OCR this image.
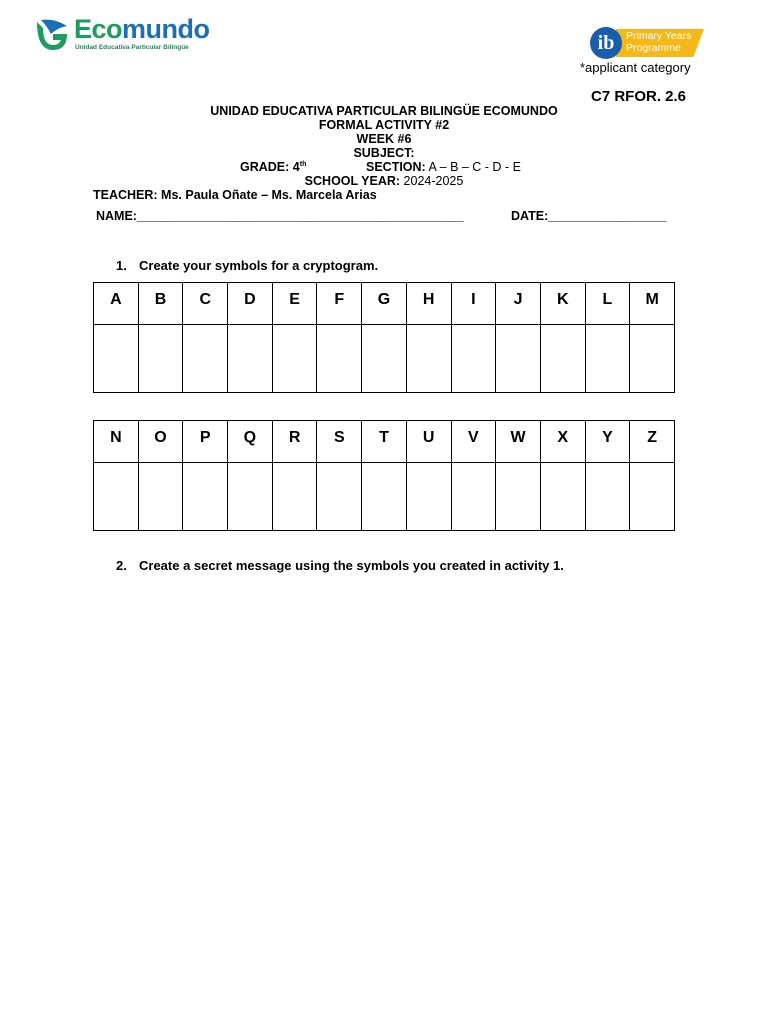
Ecomundo
Unidad Educativa Particular Bilingüe	ib	Primary Years
Programme
*applicant category
C7 RFOR. 2.6
UNIDAD EDUCATIVA PARTICULAR BILINGÜE ECOMUNDO
FORMAL ACTIVITY #2
WEEK #6
SUBJECT:
GRADE: 4th	SECTION: A – B – C - D - E
SCHOOL YEAR: 2024-2025
TEACHER: Ms. Paula Oñate – Ms. Marcela Arias
NAME:_______________________________________________	DATE:_________________
1. Create your symbols for a cryptogram.
A	B	C	D	E	F	G	H	I	J	K	L	M

N	O	P	Q	R	S	T	U	V	W	X	Y	Z

2. Create a secret message using the symbols you created in activity 1.
